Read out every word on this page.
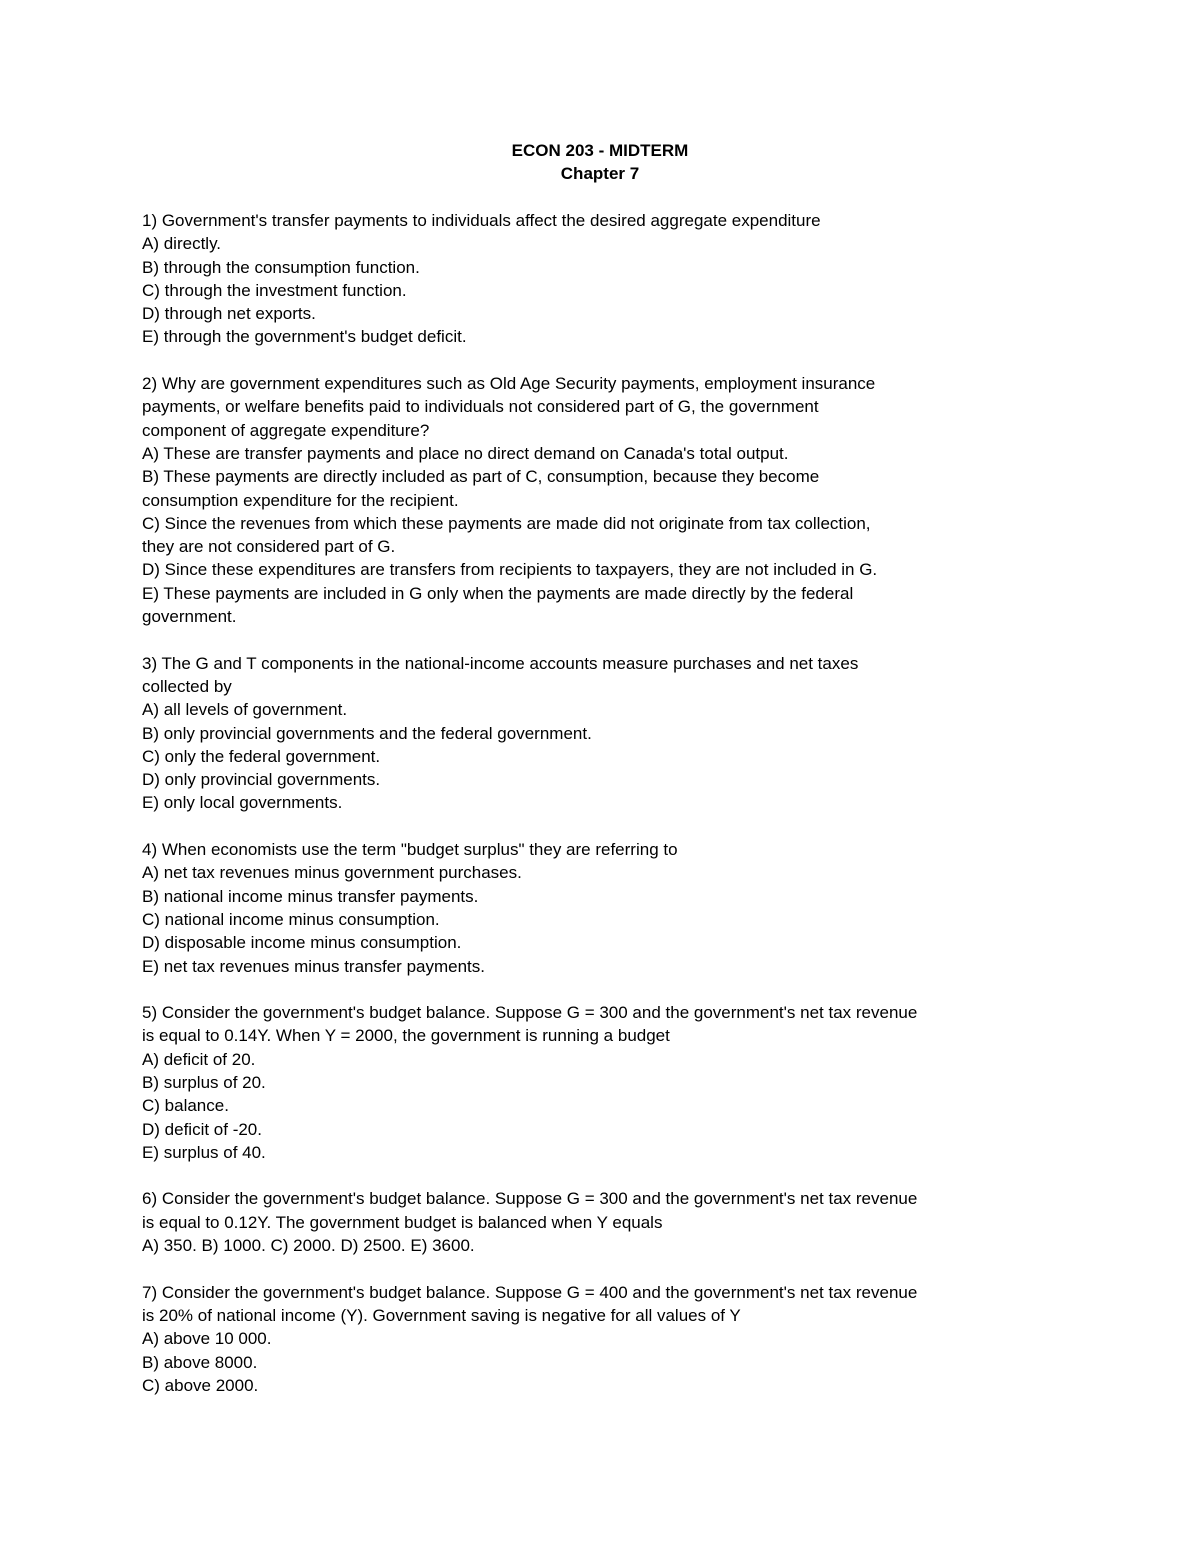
ECON 203 - MIDTERM
Chapter 7
1) Government's transfer payments to individuals affect the desired aggregate expenditure
A) directly.
B) through the consumption function.
C) through the investment function.
D) through net exports.
E) through the government's budget deficit.
2) Why are government expenditures such as Old Age Security payments, employment insurance
payments, or welfare benefits paid to individuals not considered part of G, the government
component of aggregate expenditure?
A) These are transfer payments and place no direct demand on Canada's total output.
B) These payments are directly included as part of C, consumption, because they become
consumption expenditure for the recipient.
C) Since the revenues from which these payments are made did not originate from tax collection,
they are not considered part of G.
D) Since these expenditures are transfers from recipients to taxpayers, they are not included in G.
E) These payments are included in G only when the payments are made directly by the federal
government.
3) The G and T components in the national-income accounts measure purchases and net taxes
collected by
A) all levels of government.
B) only provincial governments and the federal government.
C) only the federal government.
D) only provincial governments.
E) only local governments.
4) When economists use the term "budget surplus" they are referring to
A) net tax revenues minus government purchases.
B) national income minus transfer payments.
C) national income minus consumption.
D) disposable income minus consumption.
E) net tax revenues minus transfer payments.
5) Consider the government's budget balance. Suppose G = 300 and the government's net tax revenue
is equal to 0.14Y. When Y = 2000, the government is running a budget
A) deficit of 20.
B) surplus of 20.
C) balance.
D) deficit of -20.
E) surplus of 40.
6) Consider the government's budget balance. Suppose G = 300 and the government's net tax revenue
is equal to 0.12Y. The government budget is balanced when Y equals
A) 350. B) 1000. C) 2000. D) 2500. E) 3600.
7) Consider the government's budget balance. Suppose G = 400 and the government's net tax revenue
is 20% of national income (Y). Government saving is negative for all values of Y
A) above 10 000.
B) above 8000.
C) above 2000.
